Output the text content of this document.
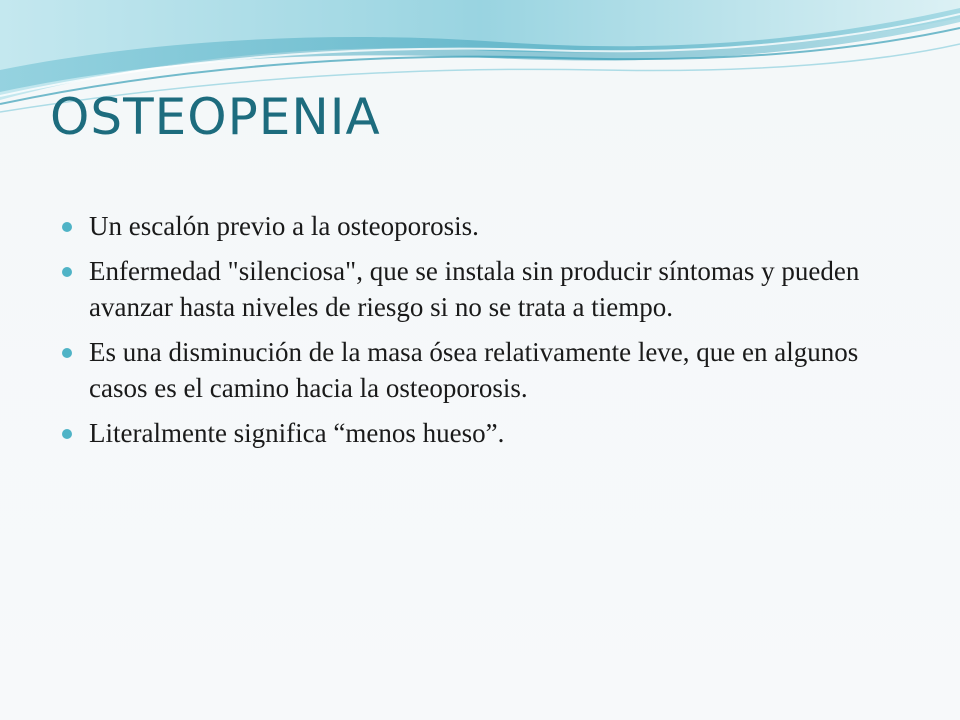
OSTEOPENIA
Un escalón previo a la osteoporosis.
Enfermedad "silenciosa", que se instala sin producir síntomas y pueden avanzar hasta niveles de riesgo si no se trata a tiempo.
Es una disminución de la masa ósea relativamente leve, que en algunos casos es el camino hacia la osteoporosis.
Literalmente significa “menos hueso”.
